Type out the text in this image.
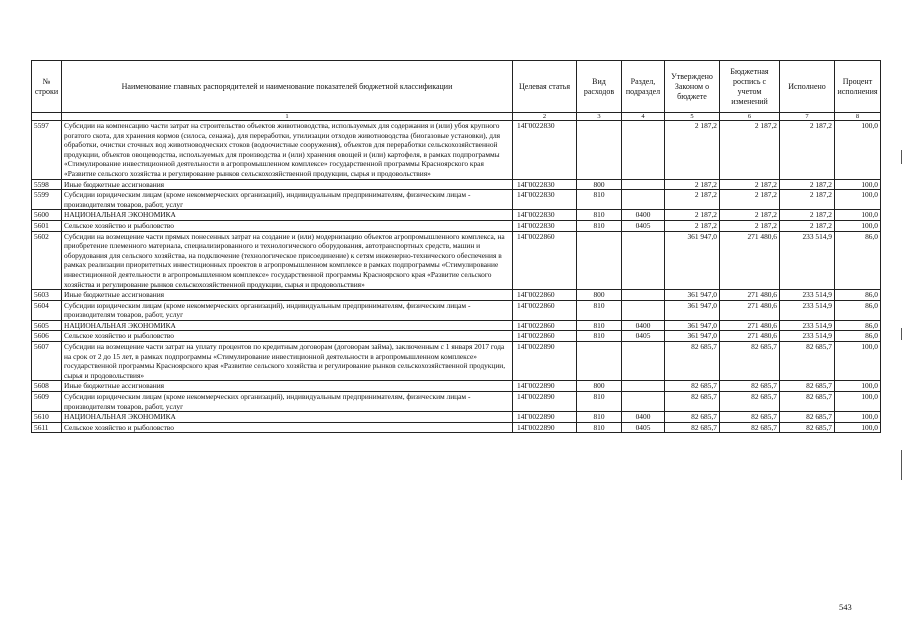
№ строки	Наименование главных распорядителей и наименование показателей бюджетной классификации	Целевая статья	Вид расходов	Раздел, подраздел	Утверждено Законом о бюджете	Бюджетная роспись с учетом изменений	Исполнено	Процент исполнения
	1	2	3	4	5	6	7	8
5597	Субсидии на компенсацию части затрат на строительство объектов животноводства, используемых для содержания и (или) убоя крупного рогатого скота, для хранения кормов (силоса, сенажа), для переработки, утилизации отходов животноводства (биогазовые установки), для обработки, очистки сточных вод животноводческих стоков (водоочистные сооружения), объектов для переработки сельскохозяйственной продукции, объектов овощеводства, используемых для производства и (или) хранения овощей и (или) картофеля, в рамках подпрограммы «Стимулирование инвестиционной деятельности в агропромышленном комплексе» государственной программы Красноярского края «Развитие сельского хозяйства и регулирование рынков сельскохозяйственной продукции, сырья и продовольствия»	14Г0022830			2 187,2	2 187,2	2 187,2	100,0
5598	Иные бюджетные ассигнования	14Г0022830	800		2 187,2	2 187,2	2 187,2	100,0
5599	Субсидии юридическим лицам (кроме некоммерческих организаций), индивидуальным предпринимателям, физическим лицам - производителям товаров, работ, услуг	14Г0022830	810		2 187,2	2 187,2	2 187,2	100,0
5600	НАЦИОНАЛЬНАЯ ЭКОНОМИКА	14Г0022830	810	0400	2 187,2	2 187,2	2 187,2	100,0
5601	Сельское хозяйство и рыболовство	14Г0022830	810	0405	2 187,2	2 187,2	2 187,2	100,0
5602	Субсидии на возмещение части прямых понесенных затрат на создание и (или) модернизацию объектов агропромышленного комплекса, на приобретение племенного материала, специализированного и технологического оборудования, автотранспортных средств, машин и оборудования для сельского хозяйства, на подключение (технологическое присоединение) к сетям инженерно-технического обеспечения в рамках реализации приоритетных инвестиционных проектов в агропромышленном комплексе в рамках подпрограммы «Стимулирование инвестиционной деятельности в агропромышленном комплексе» государственной программы Красноярского края «Развитие сельского хозяйства и регулирование рынков сельскохозяйственной продукции, сырья и продовольствия»	14Г0022860			361 947,0	271 480,6	233 514,9	86,0
5603	Иные бюджетные ассигнования	14Г0022860	800		361 947,0	271 480,6	233 514,9	86,0
5604	Субсидии юридическим лицам (кроме некоммерческих организаций), индивидуальным предпринимателям, физическим лицам - производителям товаров, работ, услуг	14Г0022860	810		361 947,0	271 480,6	233 514,9	86,0
5605	НАЦИОНАЛЬНАЯ ЭКОНОМИКА	14Г0022860	810	0400	361 947,0	271 480,6	233 514,9	86,0
5606	Сельское хозяйство и рыболовство	14Г0022860	810	0405	361 947,0	271 480,6	233 514,9	86,0
5607	Субсидии на возмещение части затрат на уплату процентов по кредитным договорам (договорам займа), заключенным с 1 января 2017 года на срок от 2 до 15 лет, в рамках подпрограммы «Стимулирование инвестиционной деятельности в агропромышленном комплексе» государственной программы Красноярского края «Развитие сельского хозяйства и регулирование рынков сельскохозяйственной продукции, сырья и продовольствия»	14Г0022890			82 685,7	82 685,7	82 685,7	100,0
5608	Иные бюджетные ассигнования	14Г0022890	800		82 685,7	82 685,7	82 685,7	100,0
5609	Субсидии юридическим лицам (кроме некоммерческих организаций), индивидуальным предпринимателям, физическим лицам - производителям товаров, работ, услуг	14Г0022890	810		82 685,7	82 685,7	82 685,7	100,0
5610	НАЦИОНАЛЬНАЯ ЭКОНОМИКА	14Г0022890	810	0400	82 685,7	82 685,7	82 685,7	100,0
5611	Сельское хозяйство и рыболовство	14Г0022890	810	0405	82 685,7	82 685,7	82 685,7	100,0
543
